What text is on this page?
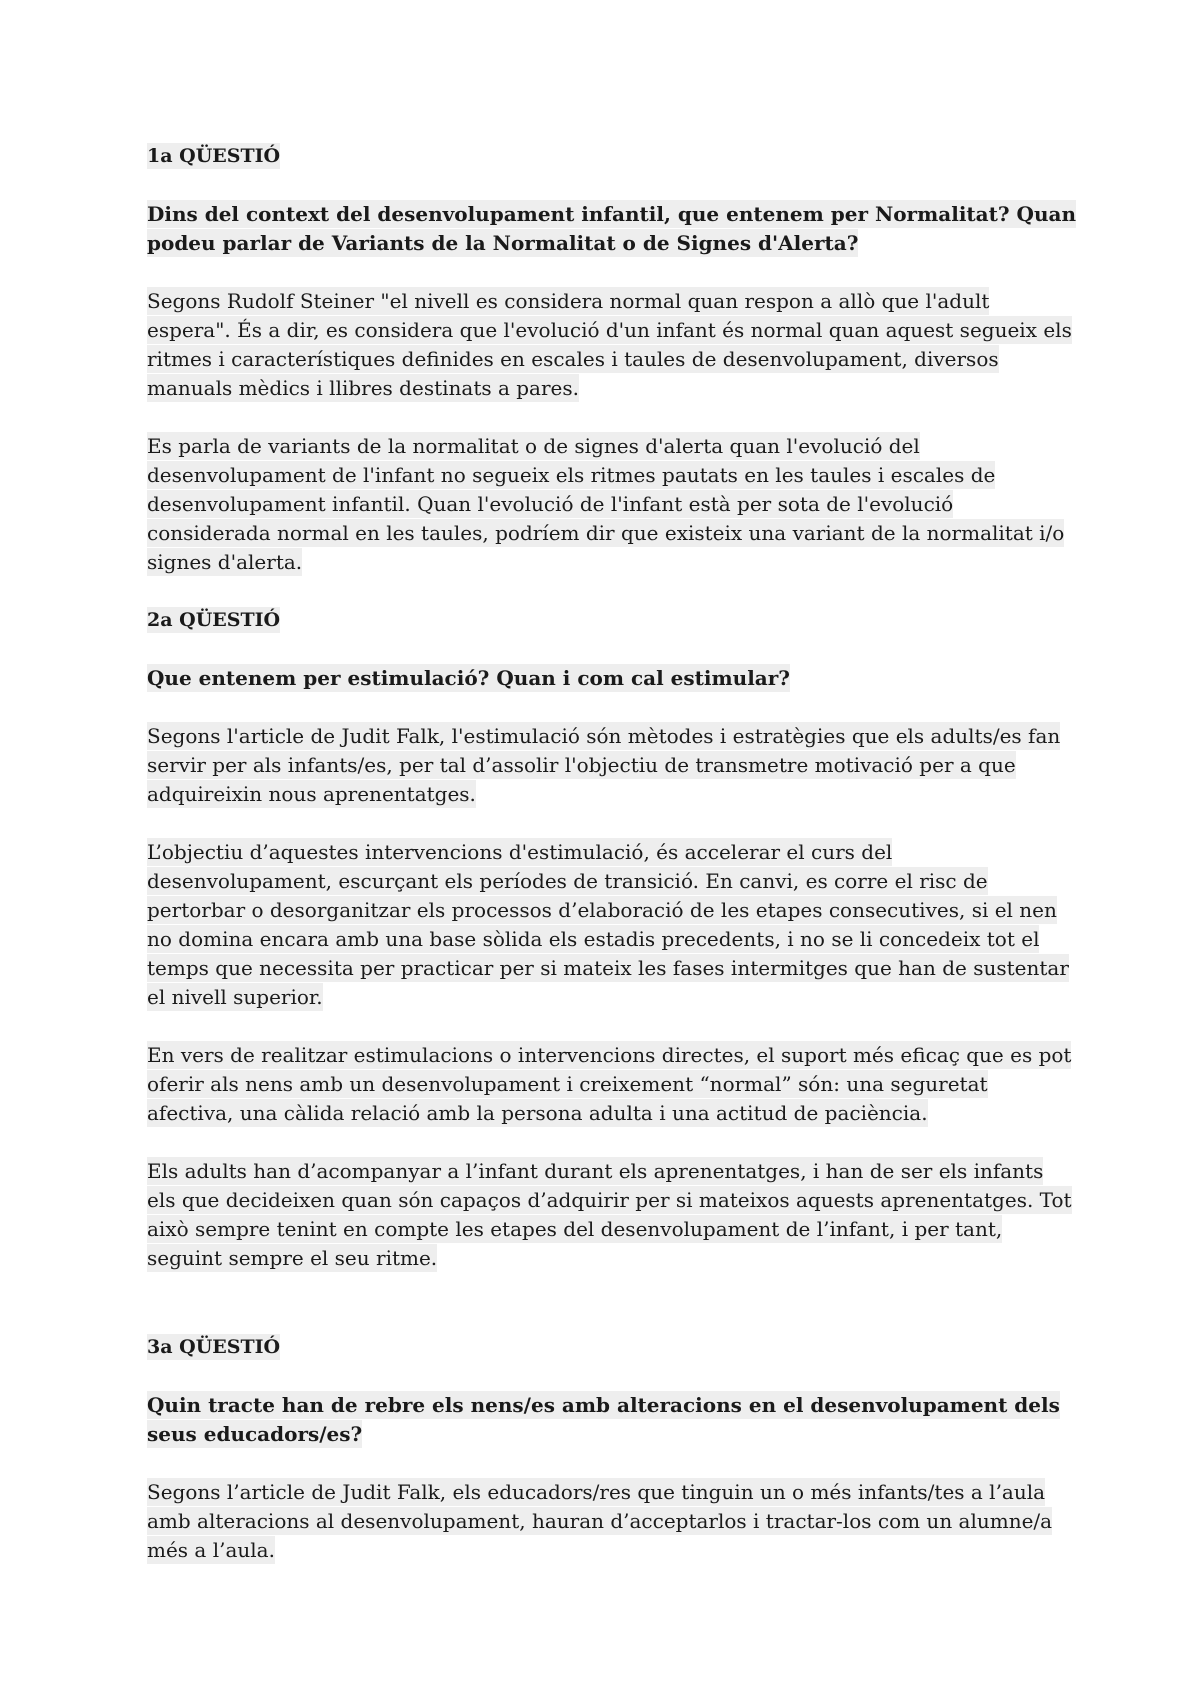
1a QÜESTIÓ

Dins del context del desenvolupament infantil, que entenem per Normalitat? Quan podeu parlar de Variants de la Normalitat o de Signes d'Alerta?

Segons Rudolf Steiner "el nivell es considera normal quan respon a allò que l'adult espera". És a dir, es considera que l'evolució d'un infant és normal quan aquest segueix els ritmes i característiques definides en escales i taules de desenvolupament, diversos manuals mèdics i llibres destinats a pares.

Es parla de variants de la normalitat o de signes d'alerta quan l'evolució del desenvolupament de l'infant no segueix els ritmes pautats en les taules i escales de desenvolupament infantil. Quan l'evolució de l'infant està per sota de l'evolució considerada normal en les taules, podríem dir que existeix una variant de la normalitat i/o signes d'alerta.

2a QÜESTIÓ

Que entenem per estimulació? Quan i com cal estimular?

Segons l'article de Judit Falk, l'estimulació són mètodes i estratègies que els adults/es fan servir per als infants/es, per tal d’assolir l'objectiu de transmetre motivació per a que adquireixin nous aprenentatges.

L’objectiu d’aquestes intervencions d'estimulació, és accelerar el curs del desenvolupament, escurçant els períodes de transició. En canvi, es corre el risc de pertorbar o desorganitzar els processos d’elaboració de les etapes consecutives, si el nen no domina encara amb una base sòlida els estadis precedents, i no se li concedeix tot el temps que necessita per practicar per si mateix les fases intermitges que han de sustentar el nivell superior.

En vers de realitzar estimulacions o intervencions directes, el suport més eficaç que es pot oferir als nens amb un desenvolupament i creixement “normal” són: una seguretat afectiva, una càlida relació amb la persona adulta i una actitud de paciència.

Els adults han d’acompanyar a l’infant durant els aprenentatges, i han de ser els infants els que decideixen quan són capaços d’adquirir per si mateixos aquests aprenentatges. Tot això sempre tenint en compte les etapes del desenvolupament de l’infant, i per tant, seguint sempre el seu ritme.

3a QÜESTIÓ

Quin tracte han de rebre els nens/es amb alteracions en el desenvolupament dels seus educadors/es?

Segons l’article de Judit Falk, els educadors/res que tinguin un o més infants/tes a l’aula amb alteracions al desenvolupament, hauran d’acceptarlos i tractar-los com un alumne/a més a l’aula.
